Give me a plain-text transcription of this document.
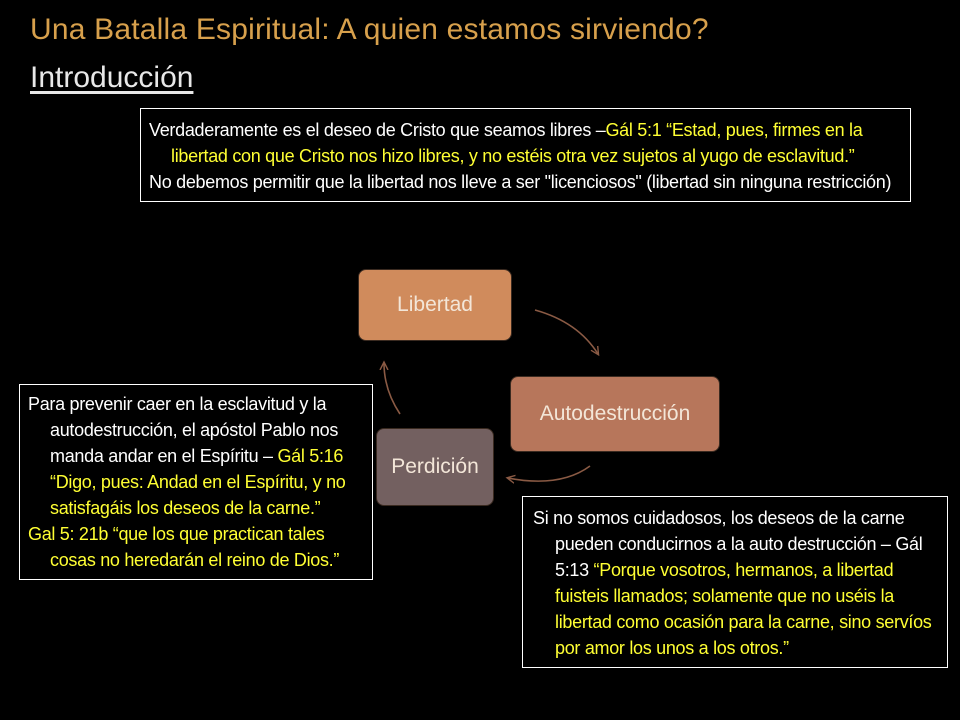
Una Batalla Espiritual: A quien estamos sirviendo?
Introducción

Verdaderamente es el deseo de Cristo que seamos libres –Gál 5:1 “Estad, pues, firmes en la libertad con que Cristo nos hizo libres, y no estéis otra vez sujetos al yugo de esclavitud.”

No debemos permitir que la libertad nos lleve a ser "licenciosos" (libertad sin ninguna restricción)

Libertad
Autodestrucción
Perdición

Para prevenir caer en la esclavitud y la autodestrucción, el apóstol Pablo nos manda andar en el Espíritu – Gál 5:16 “Digo, pues: Andad en el Espíritu, y no satisfagáis los deseos de la carne.”

Gal 5: 21b “que los que practican tales cosas no heredarán el reino de Dios.”

Si no somos cuidadosos, los deseos de la carne pueden conducirnos a la auto destrucción – Gál 5:13 “Porque vosotros, hermanos, a libertad fuisteis llamados; solamente que no uséis la libertad como ocasión para la carne, sino servíos por amor los unos a los otros.”
